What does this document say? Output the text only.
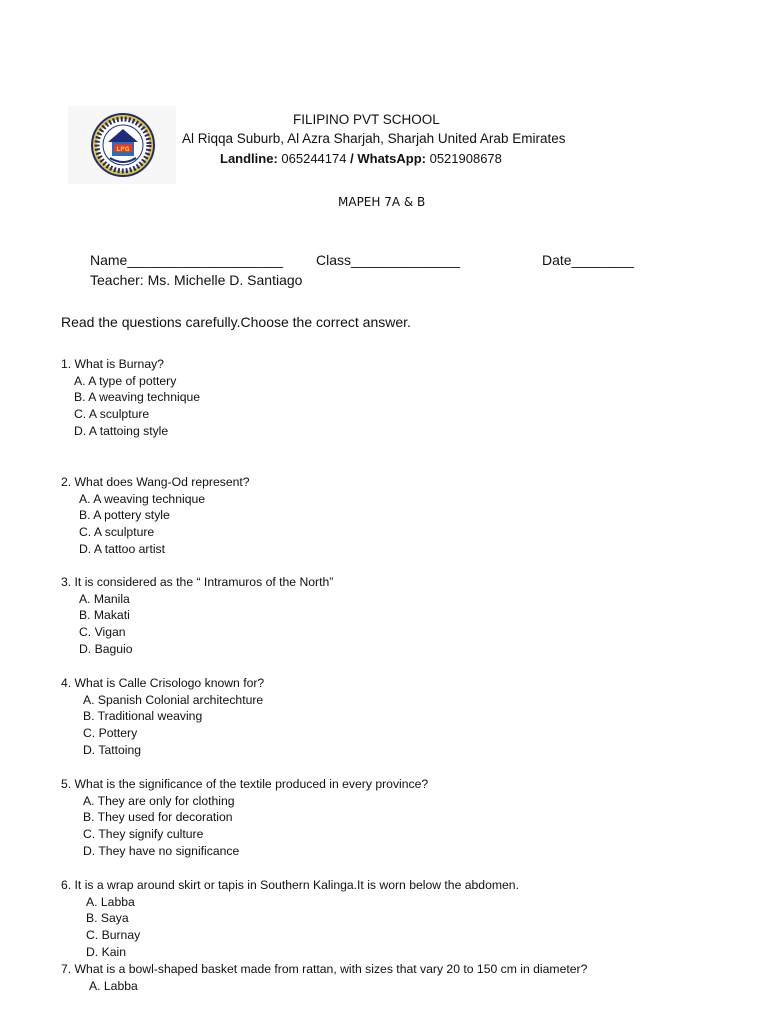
LPG
FILIPINO PVT SCHOOL
Al Riqqa Suburb, Al Azra Sharjah, Sharjah United Arab Emirates
Landline: 065244174 / WhatsApp: 0521908678
MAPEH 7A & B
Name____________________ Class______________	Date________
Teacher: Ms. Michelle D. Santiago
Read the questions carefully.Choose the correct answer.
1. What is Burnay?
A. A type of pottery
B. A weaving technique
C. A sculpture
D. A tattoing style
2. What does Wang-Od represent?
A. A weaving technique
B. A pottery style
C. A sculpture
D. A tattoo artist
3. It is considered as the “ Intramuros of the North”
A. Manila
B. Makati
C. Vigan
D. Baguio
4. What is Calle Crisologo known for?
A. Spanish Colonial architechture
B. Traditional weaving
C. Pottery
D. Tattoing
5. What is the significance of the textile produced in every province?
A. They are only for clothing
B. They used for decoration
C. They signify culture
D. They have no significance
6. It is a wrap around skirt or tapis in Southern Kalinga.It is worn below the abdomen.
A. Labba
B. Saya
C. Burnay
D. Kain
7. What is a bowl-shaped basket made from rattan, with sizes that vary 20 to 150 cm in diameter?
A. Labba
